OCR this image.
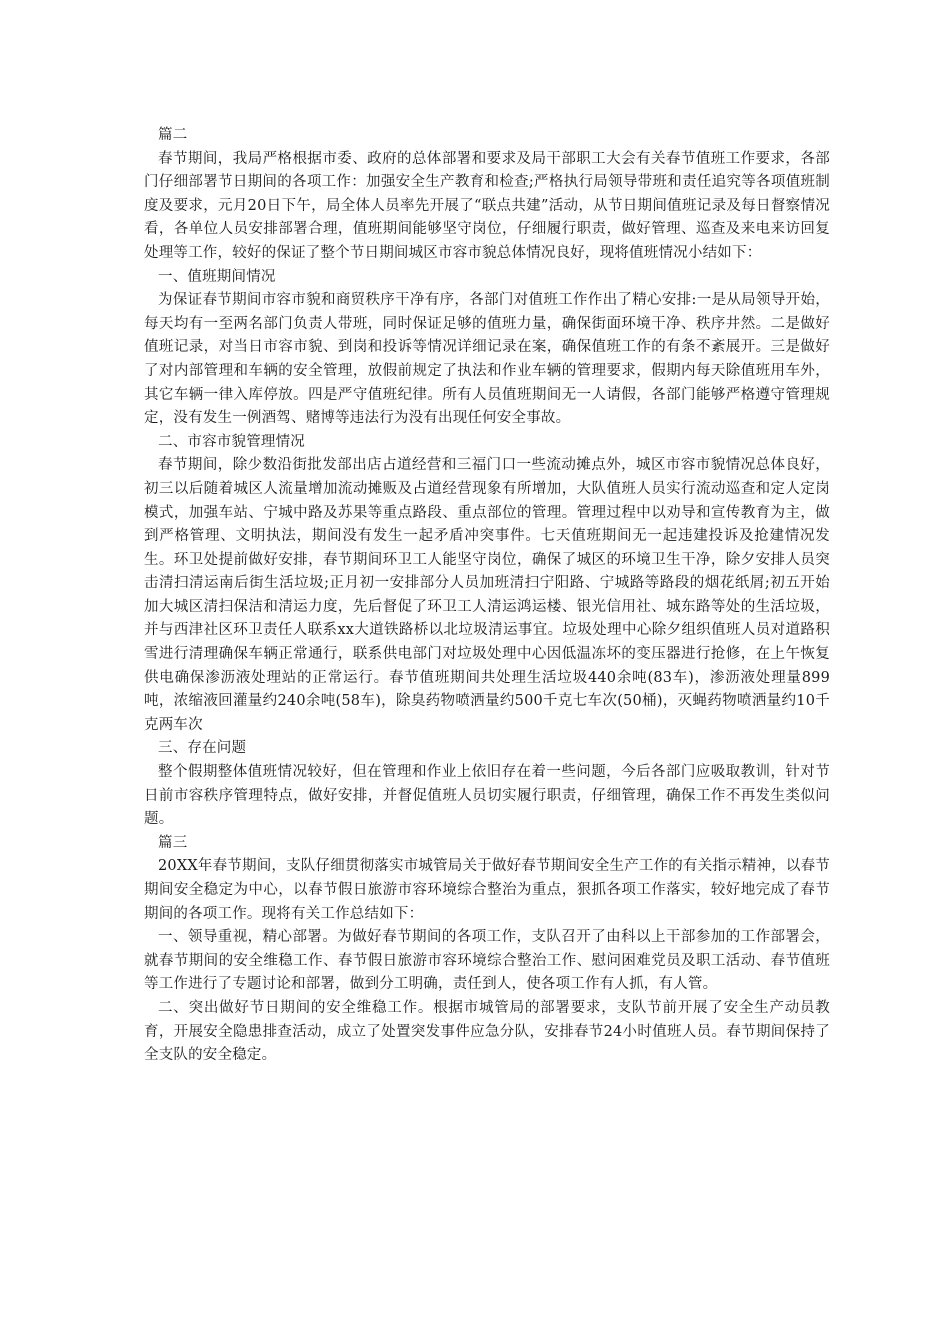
篇二

春节期间，我局严格根据市委、政府的总体部署和要求及局干部职工大会有关春节值班工作要求，各部门仔细部署节日期间的各项工作：加强安全生产教育和检查;严格执行局领导带班和责任追究等各项值班制度及要求，元月20日下午，局全体人员率先开展了“联点共建”活动，从节日期间值班记录及每日督察情况看，各单位人员安排部署合理，值班期间能够坚守岗位，仔细履行职责，做好管理、巡查及来电来访回复处理等工作，较好的保证了整个节日期间城区市容市貌总体情况良好，现将值班情况小结如下：

一、值班期间情况

为保证春节期间市容市貌和商贸秩序干净有序，各部门对值班工作作出了精心安排:一是从局领导开始，每天均有一至两名部门负责人带班，同时保证足够的值班力量，确保街面环境干净、秩序井然。二是做好值班记录，对当日市容市貌、到岗和投诉等情况详细记录在案，确保值班工作的有条不紊展开。三是做好了对内部管理和车辆的安全管理，放假前规定了执法和作业车辆的管理要求，假期内每天除值班用车外，其它车辆一律入库停放。四是严守值班纪律。所有人员值班期间无一人请假，各部门能够严格遵守管理规定，没有发生一例酒驾、赌博等违法行为没有出现任何安全事故。

二、市容市貌管理情况

春节期间，除少数沿街批发部出店占道经营和三福门口一些流动摊点外，城区市容市貌情况总体良好，初三以后随着城区人流量增加流动摊贩及占道经营现象有所增加，大队值班人员实行流动巡查和定人定岗模式，加强车站、宁城中路及苏果等重点路段、重点部位的管理。管理过程中以劝导和宣传教育为主，做到严格管理、文明执法，期间没有发生一起矛盾冲突事件。七天值班期间无一起违建投诉及抢建情况发生。环卫处提前做好安排，春节期间环卫工人能坚守岗位，确保了城区的环境卫生干净，除夕安排人员突击清扫清运南后街生活垃圾;正月初一安排部分人员加班清扫宁阳路、宁城路等路段的烟花纸屑;初五开始加大城区清扫保洁和清运力度，先后督促了环卫工人清运鸿运楼、银光信用社、城东路等处的生活垃圾，并与西津社区环卫责任人联系xx大道铁路桥以北垃圾清运事宜。垃圾处理中心除夕组织值班人员对道路积雪进行清理确保车辆正常通行，联系供电部门对垃圾处理中心因低温冻坏的变压器进行抢修，在上午恢复供电确保渗沥液处理站的正常运行。春节值班期间共处理生活垃圾440余吨(83车)，渗沥液处理量899吨，浓缩液回灌量约240余吨(58车)，除臭药物喷洒量约500千克七车次(50桶)，灭蝇药物喷洒量约10千克两车次

三、存在问题

整个假期整体值班情况较好，但在管理和作业上依旧存在着一些问题，今后各部门应吸取教训，针对节日前市容秩序管理特点，做好安排，并督促值班人员切实履行职责，仔细管理，确保工作不再发生类似问题。

篇三

20XX年春节期间，支队仔细贯彻落实市城管局关于做好春节期间安全生产工作的有关指示精神，以春节期间安全稳定为中心，以春节假日旅游市容环境综合整治为重点，狠抓各项工作落实，较好地完成了春节期间的各项工作。现将有关工作总结如下：

一、领导重视，精心部署。为做好春节期间的各项工作，支队召开了由科以上干部参加的工作部署会，就春节期间的安全维稳工作、春节假日旅游市容环境综合整治工作、慰问困难党员及职工活动、春节值班等工作进行了专题讨论和部署，做到分工明确，责任到人，使各项工作有人抓，有人管。

二、突出做好节日期间的安全维稳工作。根据市城管局的部署要求，支队节前开展了安全生产动员教育，开展安全隐患排查活动，成立了处置突发事件应急分队，安排春节24小时值班人员。春节期间保持了全支队的安全稳定。
